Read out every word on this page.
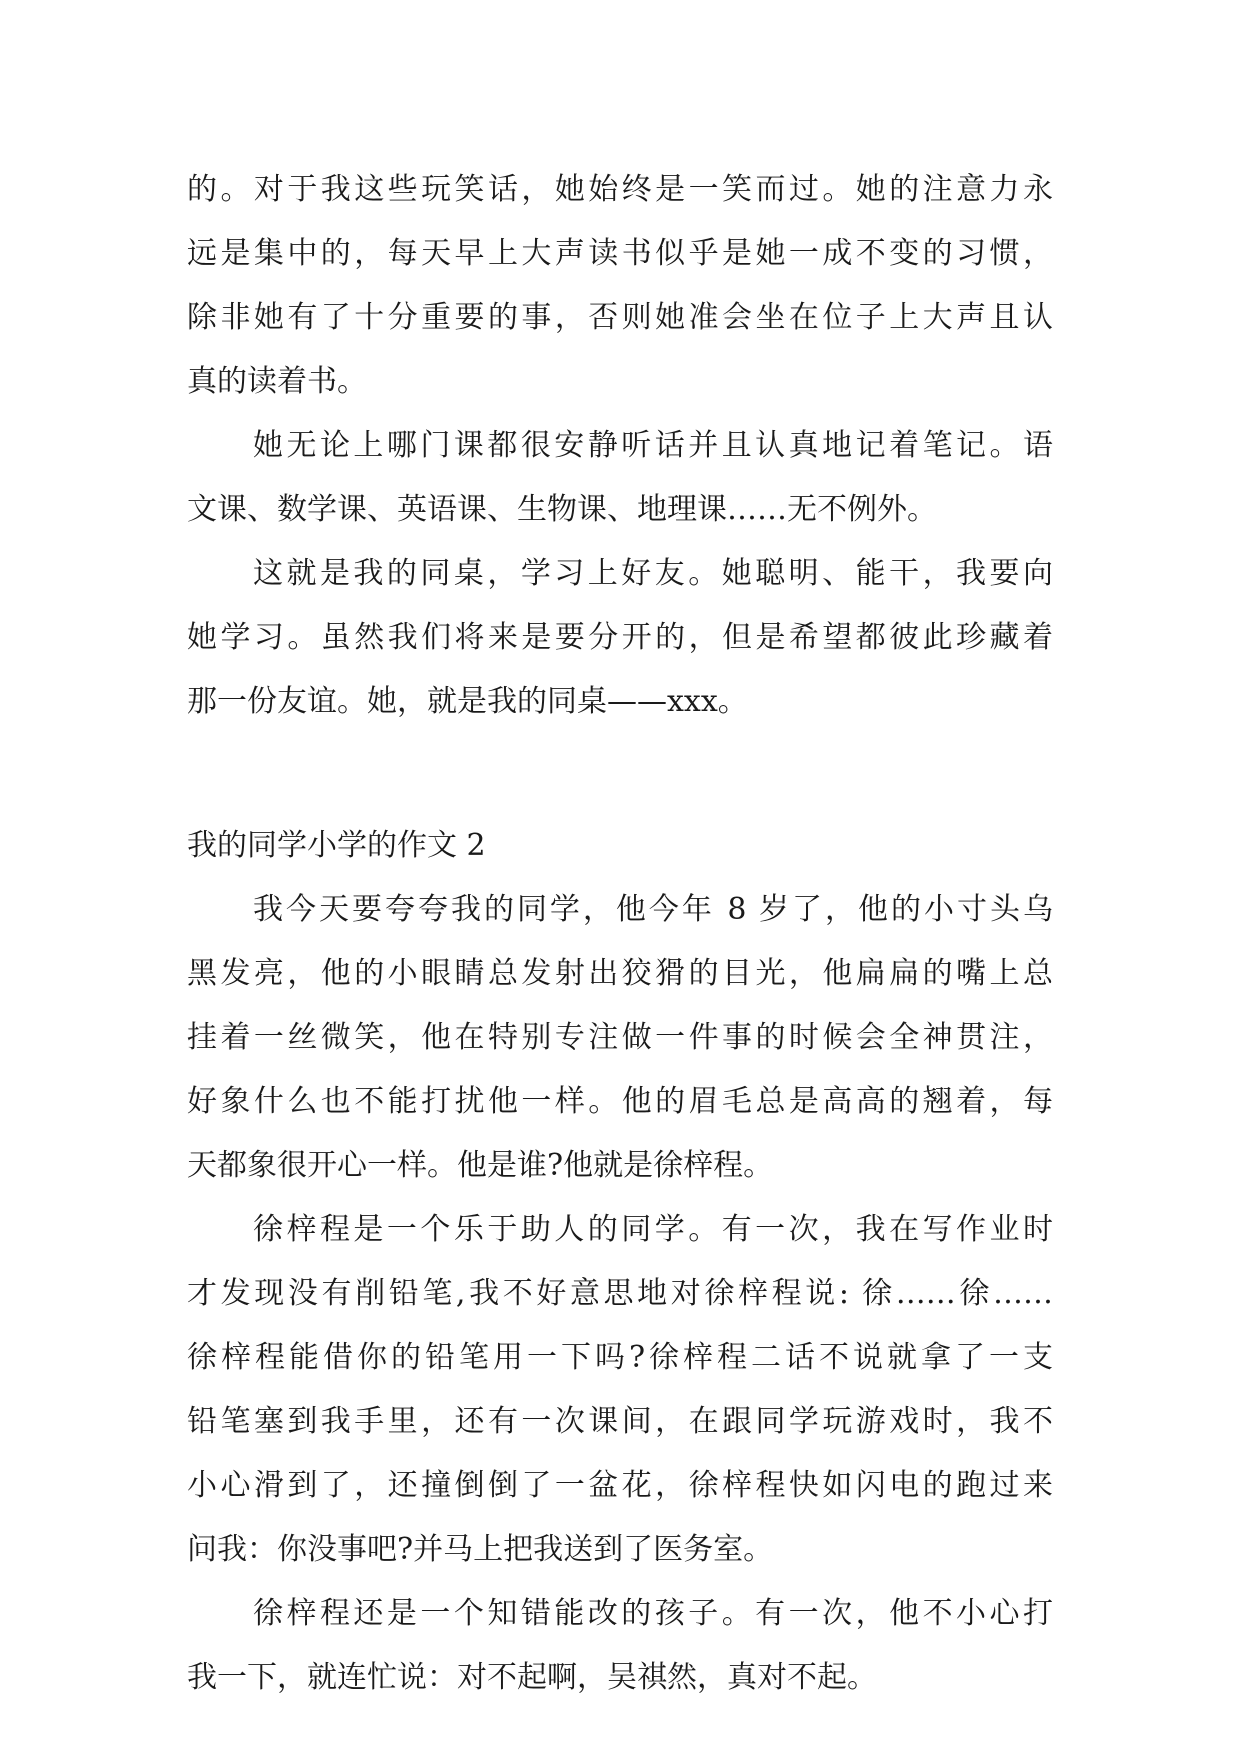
的。对于我这些玩笑话，她始终是一笑而过。她的注意力永
远是集中的，每天早上大声读书似乎是她一成不变的习惯，
除非她有了十分重要的事，否则她准会坐在位子上大声且认
真的读着书。
她无论上哪门课都很安静听话并且认真地记着笔记。语
文课、数学课、英语课、生物课、地理课……无不例外。
这就是我的同桌，学习上好友。她聪明、能干，我要向
她学习。虽然我们将来是要分开的，但是希望都彼此珍藏着
那一份友谊。她，就是我的同桌——xxx。
我的同学小学的作文 2
我今天要夸夸我的同学，他今年 8 岁了，他的小寸头乌
黑发亮，他的小眼睛总发射出狡猾的目光，他扁扁的嘴上总
挂着一丝微笑，他在特别专注做一件事的时候会全神贯注，
好象什么也不能打扰他一样。他的眉毛总是高高的翘着，每
天都象很开心一样。他是谁?他就是徐梓程。
徐梓程是一个乐于助人的同学。有一次，我在写作业时
才发现没有削铅笔,我不好意思地对徐梓程说: 徐……徐……
徐梓程能借你的铅笔用一下吗?徐梓程二话不说就拿了一支
铅笔塞到我手里，还有一次课间，在跟同学玩游戏时，我不
小心滑到了，还撞倒倒了一盆花，徐梓程快如闪电的跑过来
问我：你没事吧?并马上把我送到了医务室。
徐梓程还是一个知错能改的孩子。有一次，他不小心打
我一下，就连忙说：对不起啊，吴祺然，真对不起。
